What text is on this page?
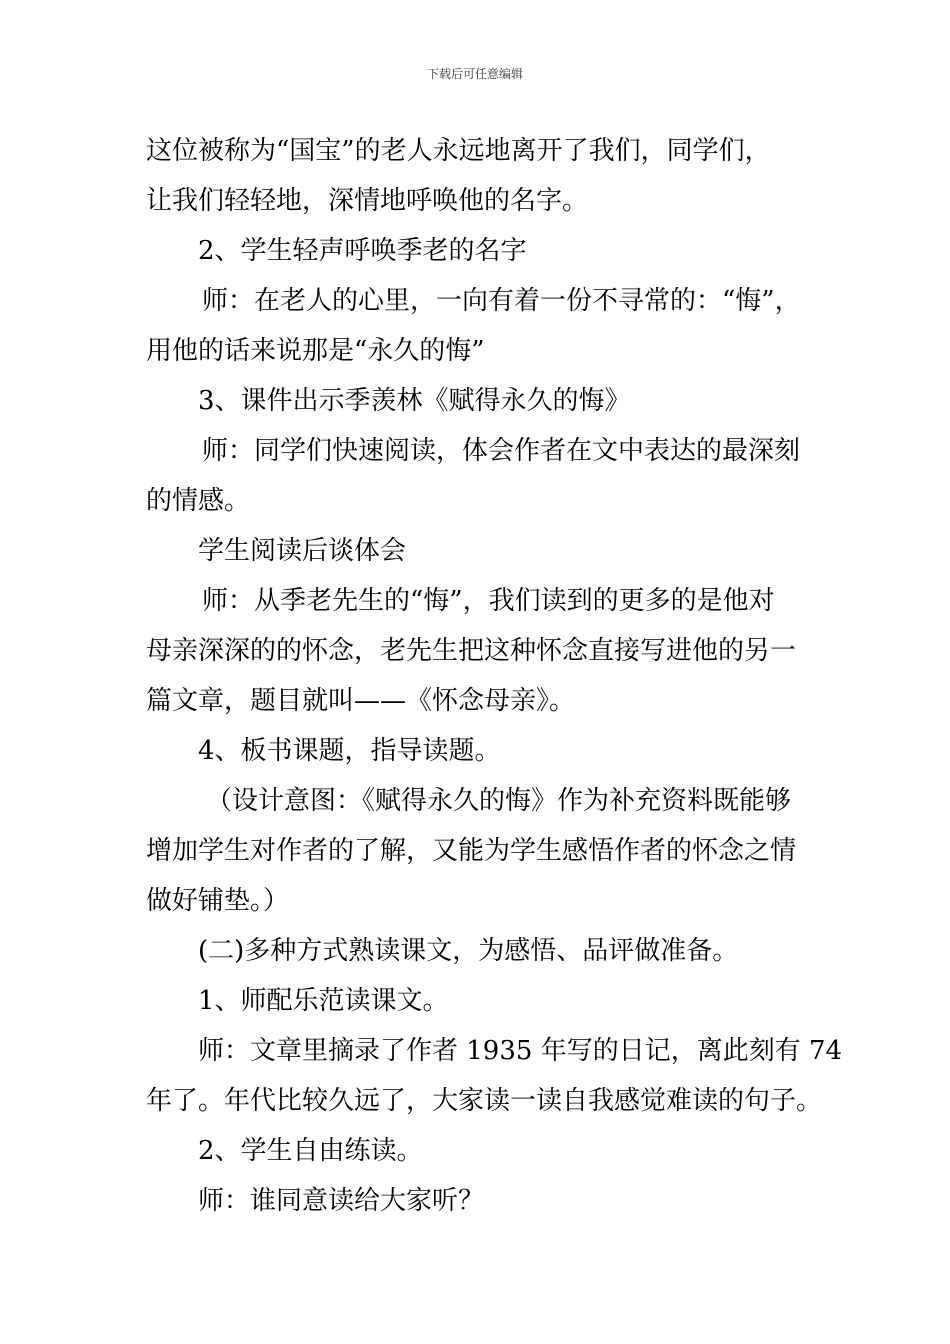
下载后可任意编辑

这位被称为“国宝”的老人永远地离开了我们，同学们，

让我们轻轻地，深情地呼唤他的名字。

2、学生轻声呼唤季老的名字

师：在老人的心里，一向有着一份不寻常的：“悔”，

用他的话来说那是“永久的悔”

3、课件出示季羡林《赋得永久的悔》

师：同学们快速阅读，体会作者在文中表达的最深刻

的情感。

学生阅读后谈体会

师：从季老先生的“悔”，我们读到的更多的是他对

母亲深深的的怀念，老先生把这种怀念直接写进他的另一

篇文章，题目就叫——《怀念母亲》。

4、板书课题，指导读题。

（设计意图：《赋得永久的悔》作为补充资料既能够

增加学生对作者的了解，又能为学生感悟作者的怀念之情

做好铺垫。）

(二)多种方式熟读课文，为感悟、品评做准备。

1、师配乐范读课文。

师：文章里摘录了作者 1935 年写的日记，离此刻有 74

年了。年代比较久远了，大家读一读自我感觉难读的句子。

2、学生自由练读。

师：谁同意读给大家听？
